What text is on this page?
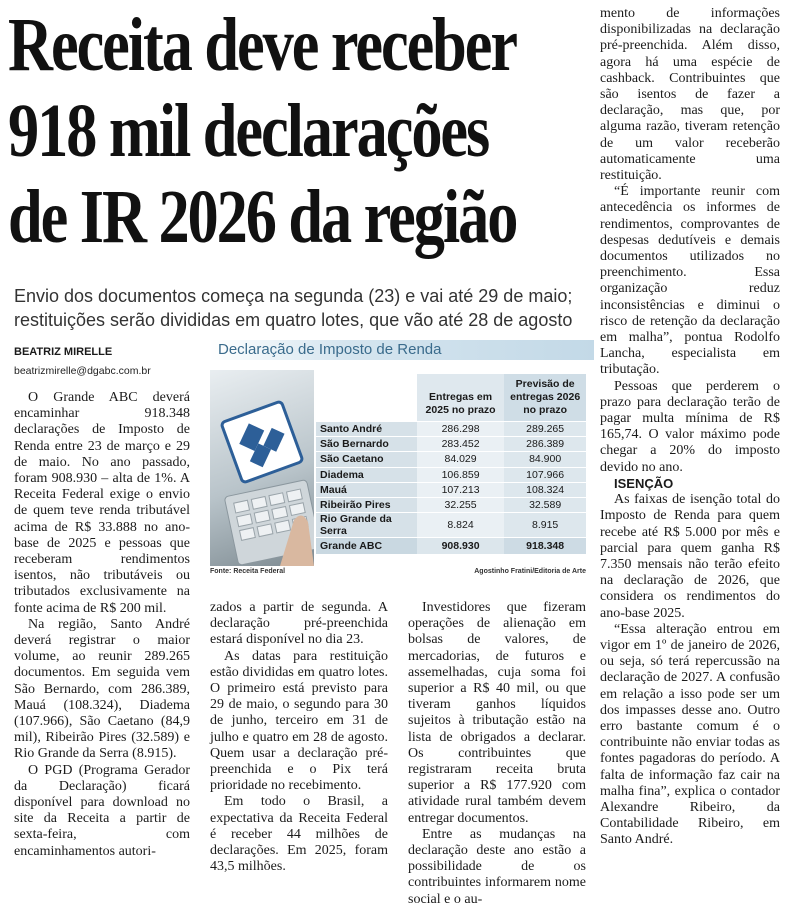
Receita deve receber
918 mil declarações
de IR 2026 da região
Envio dos documentos começa na segunda (23) e vai até 29 de maio;
restituições serão divididas em quatro lotes, que vão até 28 de agosto
BEATRIZ MIRELLE
beatrizmirelle@dgabc.com.br

O Grande ABC deverá encaminhar 918.348 declarações de Imposto de Renda entre 23 de março e 29 de maio. No ano passado, foram 908.930 – alta de 1%. A Receita Federal exige o envio de quem teve renda tributável acima de R$ 33.888 no ano-base de 2025 e pessoas que receberam rendimentos isentos, não tributáveis ou tributados exclusivamente na fonte acima de R$ 200 mil.

Na região, Santo André deverá registrar o maior volume, ao reunir 289.265 documentos. Em seguida vem São Bernardo, com 286.389, Mauá (108.324), Diadema (107.966), São Caetano (84,9 mil), Ribeirão Pires (32.589) e Rio Grande da Serra (8.915).

O PGD (Programa Gerador da Declaração) ficará disponível para download no site da Receita a partir de sexta-feira, com encaminhamentos autori-

Declaração de Imposto de Renda
	Entregas em 2025 no prazo	Previsão de entregas 2026 no prazo
Santo André	286.298	289.265
São Bernardo	283.452	286.389
São Caetano	84.029	84.900
Diadema	106.859	107.966
Mauá	107.213	108.324
Ribeirão Pires	32.255	32.589
Rio Grande da Serra	8.824	8.915
Grande ABC	908.930	918.348
Fonte: Receita Federal	Agostinho Fratini/Editoria de Arte

zados a partir de segunda. A declaração pré-preenchida estará disponível no dia 23.

As datas para restituição estão divididas em quatro lotes. O primeiro está previsto para 29 de maio, o segundo para 30 de junho, terceiro em 31 de julho e quatro em 28 de agosto. Quem usar a declaração pré-preenchida e o Pix terá prioridade no recebimento.

Em todo o Brasil, a expectativa da Receita Federal é receber 44 milhões de declarações. Em 2025, foram 43,5 milhões.

Investidores que fizeram operações de alienação em bolsas de valores, de mercadorias, de futuros e assemelhadas, cuja soma foi superior a R$ 40 mil, ou que tiveram ganhos líquidos sujeitos à tributação estão na lista de obrigados a declarar. Os contribuintes que registraram receita bruta superior a R$ 177.920 com atividade rural também devem entregar documentos.

Entre as mudanças na declaração deste ano estão a possibilidade de os contribuintes informarem nome social e o au-

mento de informações disponibilizadas na declaração pré-preenchida. Além disso, agora há uma espécie de cashback. Contribuintes que são isentos de fazer a declaração, mas que, por alguma razão, tiveram retenção de um valor receberão automaticamente uma restituição.

“É importante reunir com antecedência os informes de rendimentos, comprovantes de despesas dedutíveis e demais documentos utilizados no preenchimento. Essa organização reduz inconsistências e diminui o risco de retenção da declaração em malha”, pontua Rodolfo Lancha, especialista em tributação.

Pessoas que perderem o prazo para declaração terão de pagar multa mínima de R$ 165,74. O valor máximo pode chegar a 20% do imposto devido no ano.

ISENÇÃO

As faixas de isenção total do Imposto de Renda para quem recebe até R$ 5.000 por mês e parcial para quem ganha R$ 7.350 mensais não terão efeito na declaração de 2026, que considera os rendimentos do ano-base 2025.

“Essa alteração entrou em vigor em 1º de janeiro de 2026, ou seja, só terá repercussão na declaração de 2027. A confusão em relação a isso pode ser um dos impasses desse ano. Outro erro bastante comum é o contribuinte não enviar todas as fontes pagadoras do período. A falta de informação faz cair na malha fina”, explica o contador Alexandre Ribeiro, da Contabilidade Ribeiro, em Santo André.
